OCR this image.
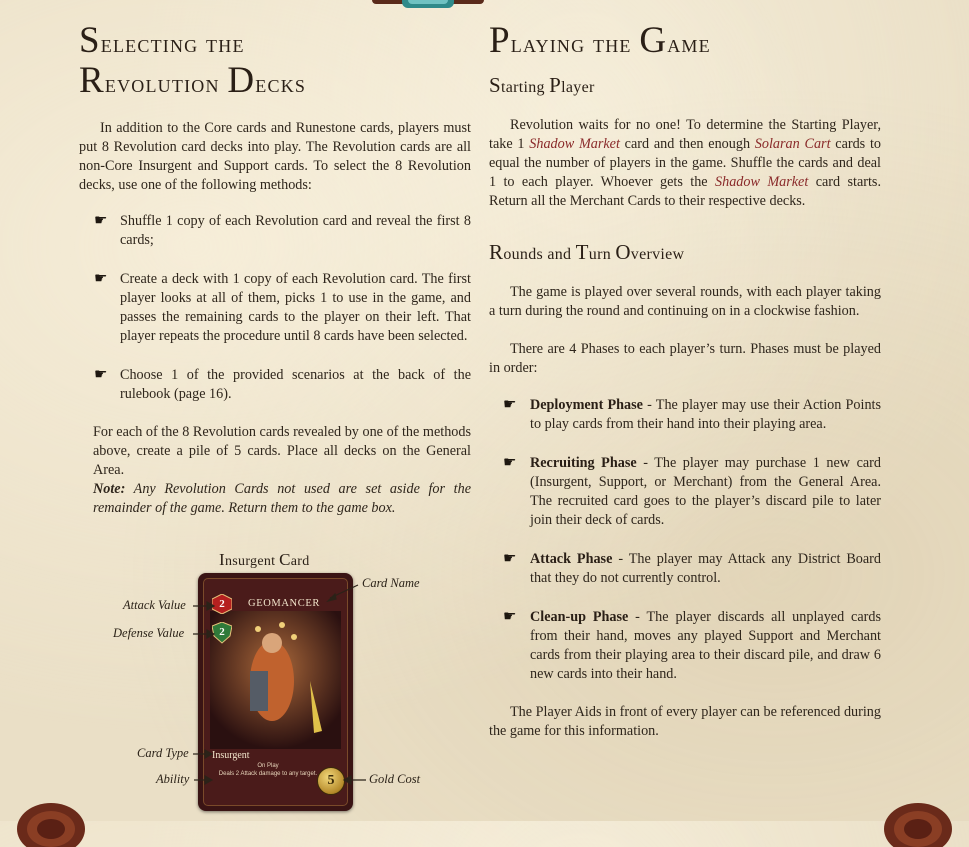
Selecting the
Revolution Decks

In addition to the Core cards and Runestone cards, players must put 8 Revolution card decks into play. The Revolution cards are all non-Core Insurgent and Support cards. To select the 8 Revolution decks, use one of the following methods:

☛ Shuffle 1 copy of each Revolution card and reveal the first 8 cards;

☛ Create a deck with 1 copy of each Revolution card. The first player looks at all of them, picks 1 to use in the game, and passes the remaining cards to the player on their left. That player repeats the procedure until 8 cards have been selected.

☛ Choose 1 of the provided scenarios at the back of the rulebook (page 16).

For each of the 8 Revolution cards revealed by one of the methods above, create a pile of 5 cards. Place all decks on the General Area.

Note: Any Revolution Cards not used are set aside for the remainder of the game. Return them to the game box.

Insurgent Card
2
2
GEOMANCER
Insurgent
On Play
Deals 2 Attack damage to any target. 5
Card Name
Attack Value
Defense Value
Card Type
Ability	Gold Cost
Playing the Game
Starting Player

Revolution waits for no one! To determine the Starting Player, take 1 Shadow Market card and then enough Solaran Cart cards to equal the number of players in the game. Shuffle the cards and deal 1 to each player. Whoever gets the Shadow Market card starts. Return all the Merchant Cards to their respective decks.

Rounds and Turn Overview

The game is played over several rounds, with each player taking a turn during the round and continuing on in a clockwise fashion.

There are 4 Phases to each player’s turn. Phases must be played in order:

☛ Deployment Phase - The player may use their Action Points to play cards from their hand into their playing area.

☛ Recruiting Phase - The player may purchase 1 new card (Insurgent, Support, or Merchant) from the General Area. The recruited card goes to the player’s discard pile to later join their deck of cards.

☛ Attack Phase - The player may Attack any District Board that they do not currently control.

☛ Clean-up Phase - The player discards all unplayed cards from their hand, moves any played Support and Merchant cards from their playing area to their discard pile, and draw 6 new cards into their hand.

The Player Aids in front of every player can be referenced during the game for this information.
